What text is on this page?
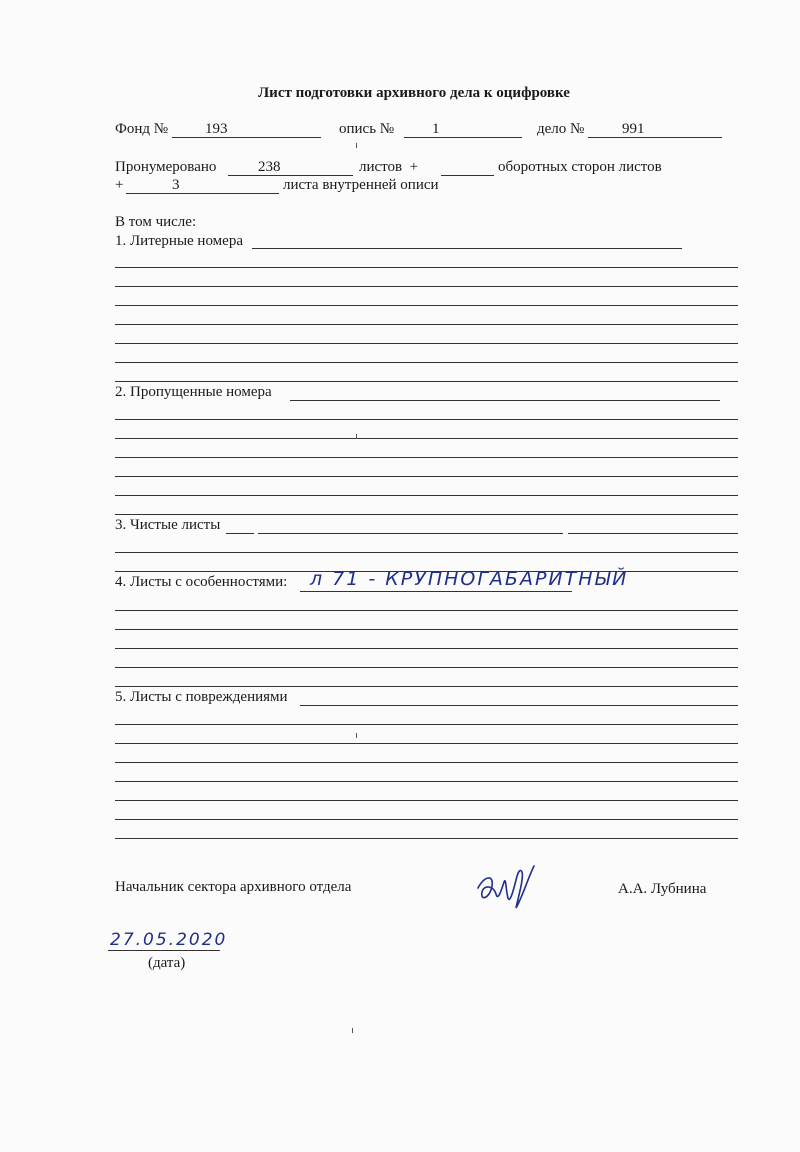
Лист подготовки архивного дела к оцифровке
Фонд № 193	опись №	1	дело №	991
Пронумеровано	238	листов  +	оборотных сторон листов
+	3	листа внутренней описи
В том числе:
1. Литерные номера
2. Пропущенные номера
3. Чистые листы
4. Листы с особенностями: л 71 - КРУПНОГАБАРИТНЫЙ
5. Листы с повреждениями
Начальник сектора архивного отдела	А.А. Лубнина
27.05.2020
(дата)
